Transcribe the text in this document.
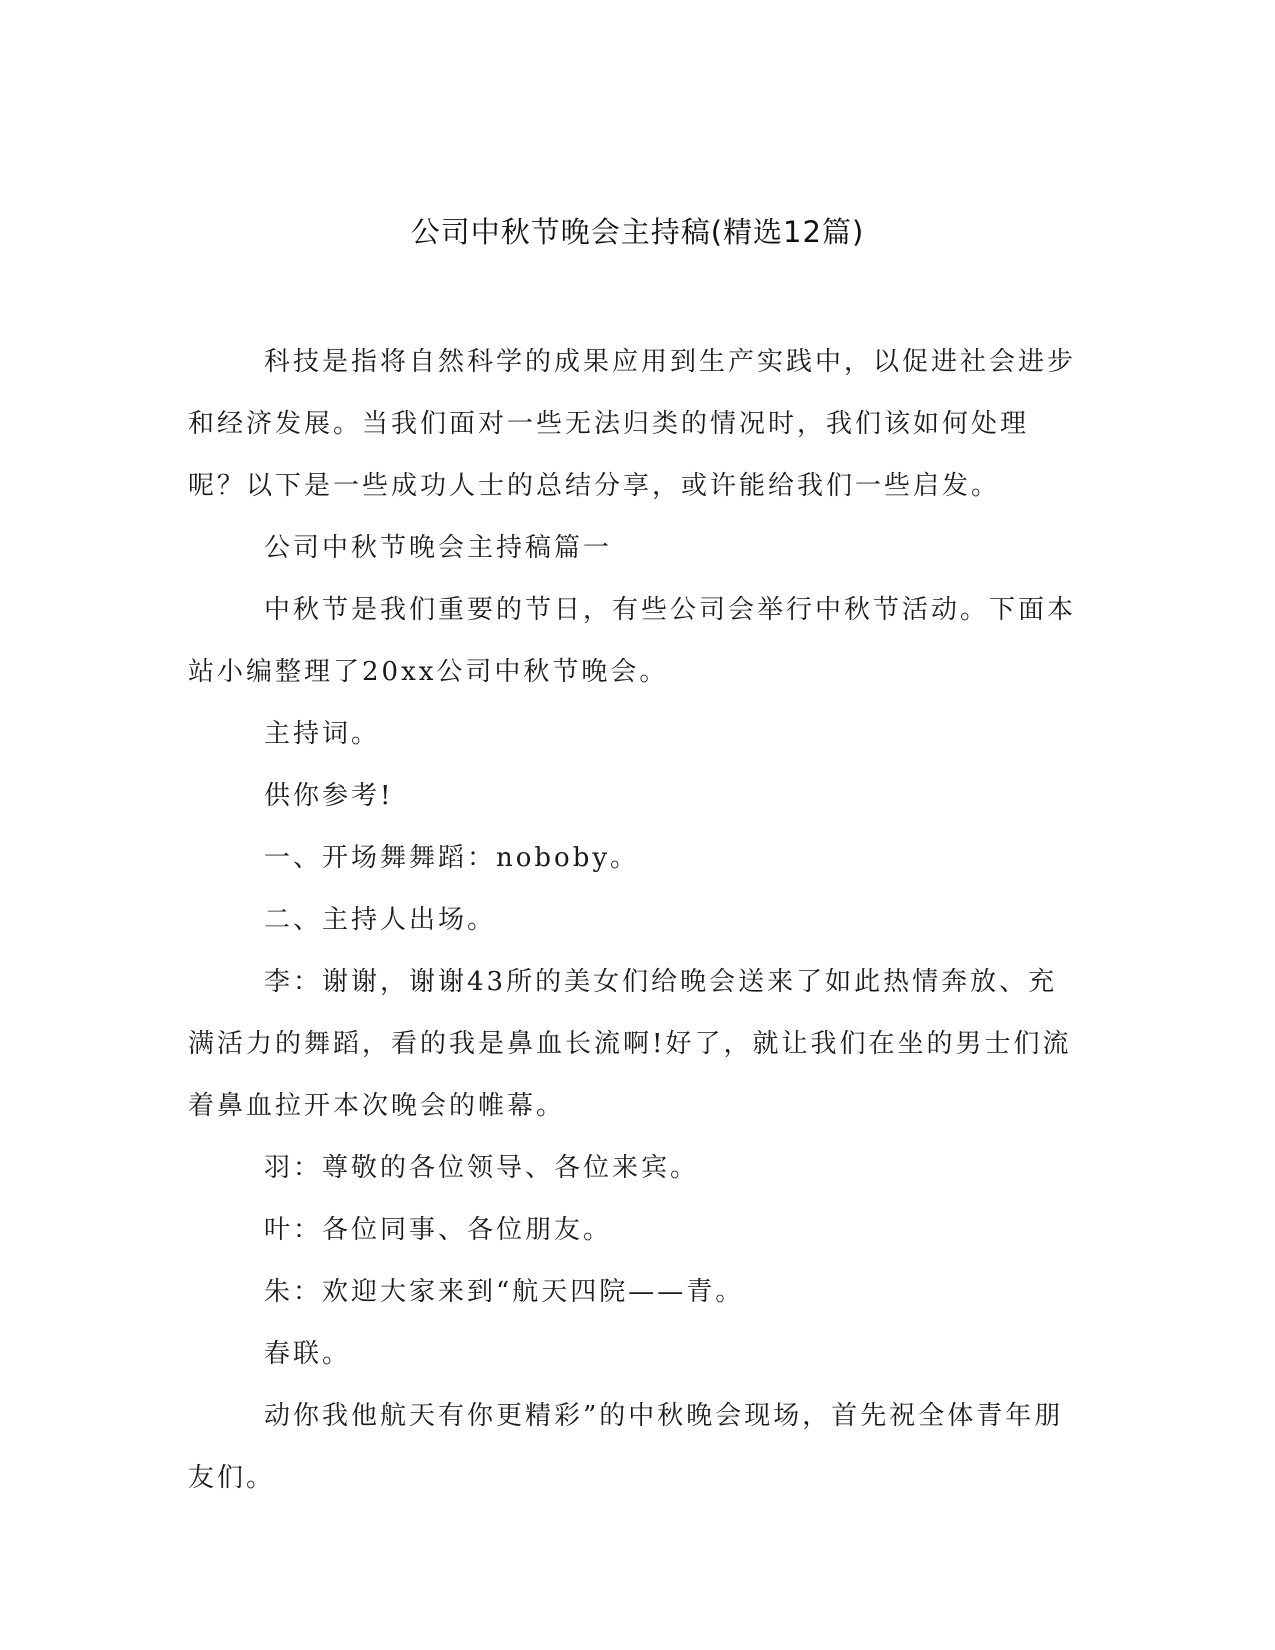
公司中秋节晚会主持稿(精选12篇)

科技是指将自然科学的成果应用到生产实践中，以促进社会进步和经济发展。当我们面对一些无法归类的情况时，我们该如何处理呢？以下是一些成功人士的总结分享，或许能给我们一些启发。

公司中秋节晚会主持稿篇一

中秋节是我们重要的节日，有些公司会举行中秋节活动。下面本站小编整理了20xx公司中秋节晚会。

主持词。

供你参考!

一、开场舞舞蹈：noboby。

二、主持人出场。

李：谢谢，谢谢43所的美女们给晚会送来了如此热情奔放、充满活力的舞蹈，看的我是鼻血长流啊!好了，就让我们在坐的男士们流着鼻血拉开本次晚会的帷幕。

羽：尊敬的各位领导、各位来宾。

叶：各位同事、各位朋友。

朱：欢迎大家来到“航天四院——青。

春联。

动你我他航天有你更精彩”的中秋晚会现场，首先祝全体青年朋友们。
